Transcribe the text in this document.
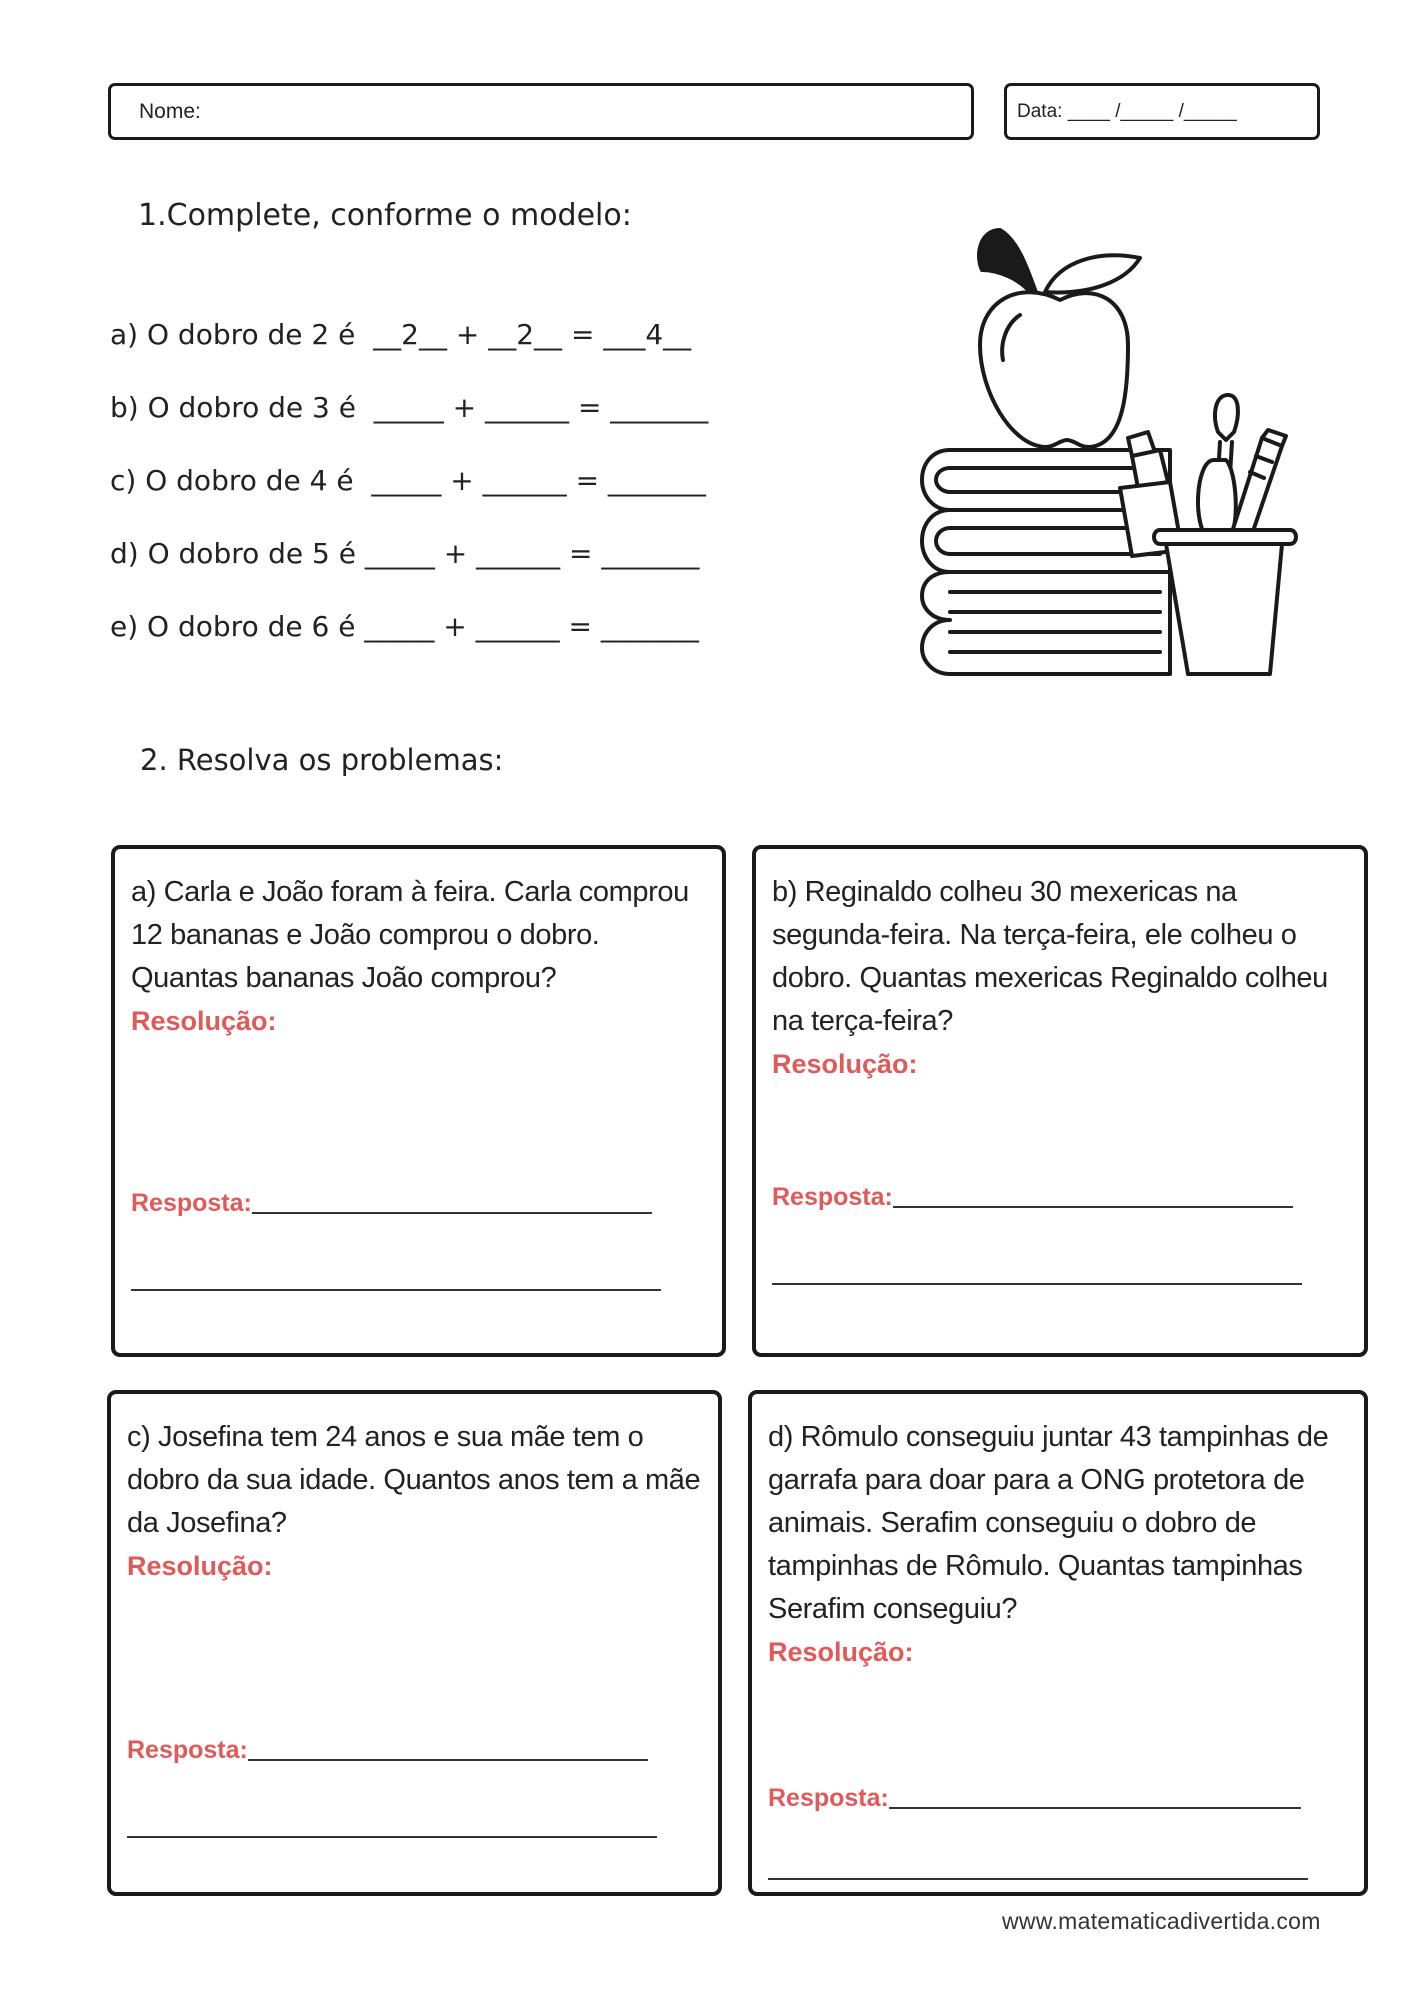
Nome:	Data: ____ /_____ /_____
1.Complete, conforme o modelo:
a) O dobro de 2 é  __2__ + __2__ = ___4__
b) O dobro de 3 é  _____ + ______ = _______
c) O dobro de 4 é  _____ + ______ = _______
d) O dobro de 5 é _____ + ______ = _______
e) O dobro de 6 é _____ + ______ = _______
2. Resolva os problemas:
a) Carla e João foram à feira. Carla comprou 12 bananas e João comprou o dobro. Quantas bananas João comprou?
Resolução:
Resposta:
b) Reginaldo colheu 30 mexericas na segunda-feira. Na terça-feira, ele colheu o dobro. Quantas mexericas Reginaldo colheu na terça-feira?
Resolução:
Resposta:
c) Josefina tem 24 anos e sua mãe tem o dobro da sua idade. Quantos anos tem a mãe da Josefina?
Resolução:
Resposta:
d) Rômulo conseguiu juntar 43 tampinhas de garrafa para doar para a ONG protetora de animais. Serafim conseguiu o dobro de tampinhas de Rômulo. Quantas tampinhas Serafim conseguiu?
Resolução:
Resposta:
www.matematicadivertida.com
